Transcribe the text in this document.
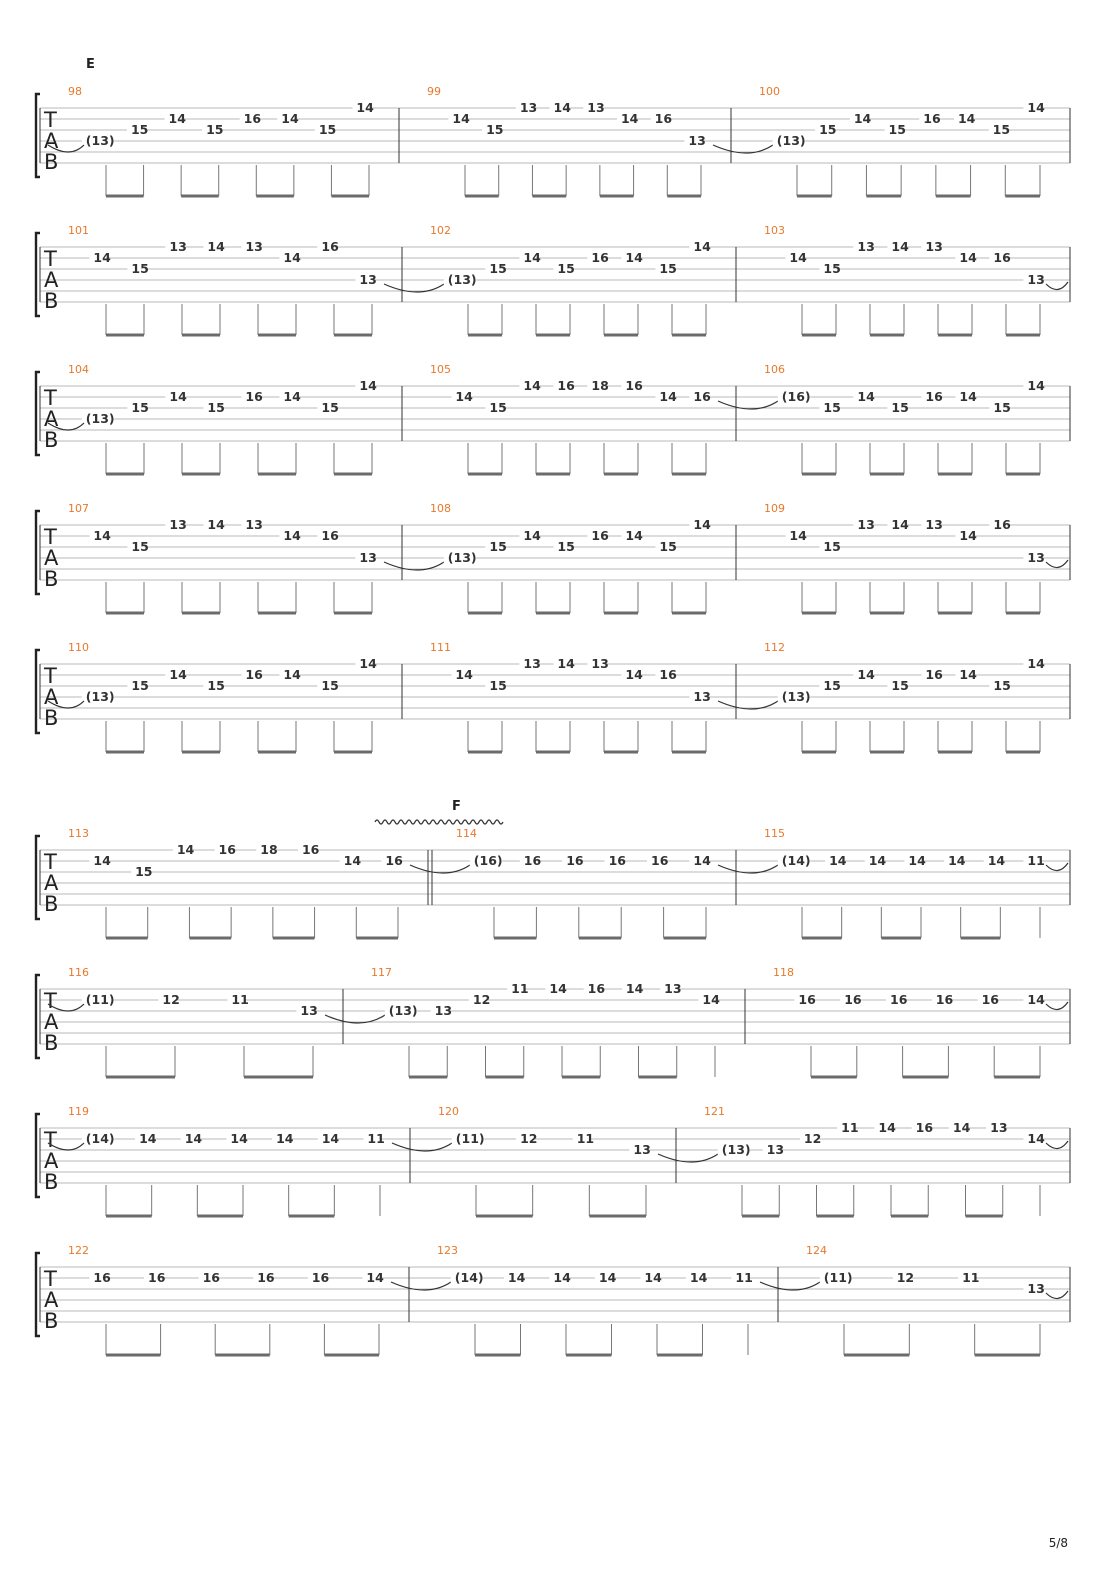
T
A
B
98
(13)
15
14
15
16 14
15
14
99
14
15
13 14 13
14 16
13
100
(13)
15
14
15
16 14
15
14
T
A
B
101
14
15
13 14 13
14
16
13
102
(13)
15
14
15
16 14
15
14
103
14
15
13 14 13
14 16
13
T
A
B
104
(13)
15
14
15
16 14
15
14
105
14
15
14 16 18 16
14 16
106
(16)
15
14
15
16 14
15
14
T
A
B
107
14
15
13 14 13
14 16
13
108
(13)
15
14
15
16 14
15
14
109
14
15
13 14 13
14
16
13
T
A
B
110
(13)
15
14
15
16 14
15
14
111
14
15
13 14 13
14 16
13
112
(13)
15
14
15
16 14
15
14
T
A
B
113
14
15
14 16 18 16
14 16
114
(16) 16 16 16 16 14
115
(14) 14 14 14 14 14 11
T
A
B
116
(11)	12	11
13
117
(13) 13
12
11 14 16 14 13
14
118
16 16 16 16 16 14
T
A
B
119
(14) 14 14 14 14 14 11
120
(11)	12	11
13
121
(13) 13
12
11 14 16 14 13
14
T
A
B
122
16	16	16	16	16	14
123
(14) 14 14 14 14 14 11
124
(11)	12	11
13
E
F
5/8
